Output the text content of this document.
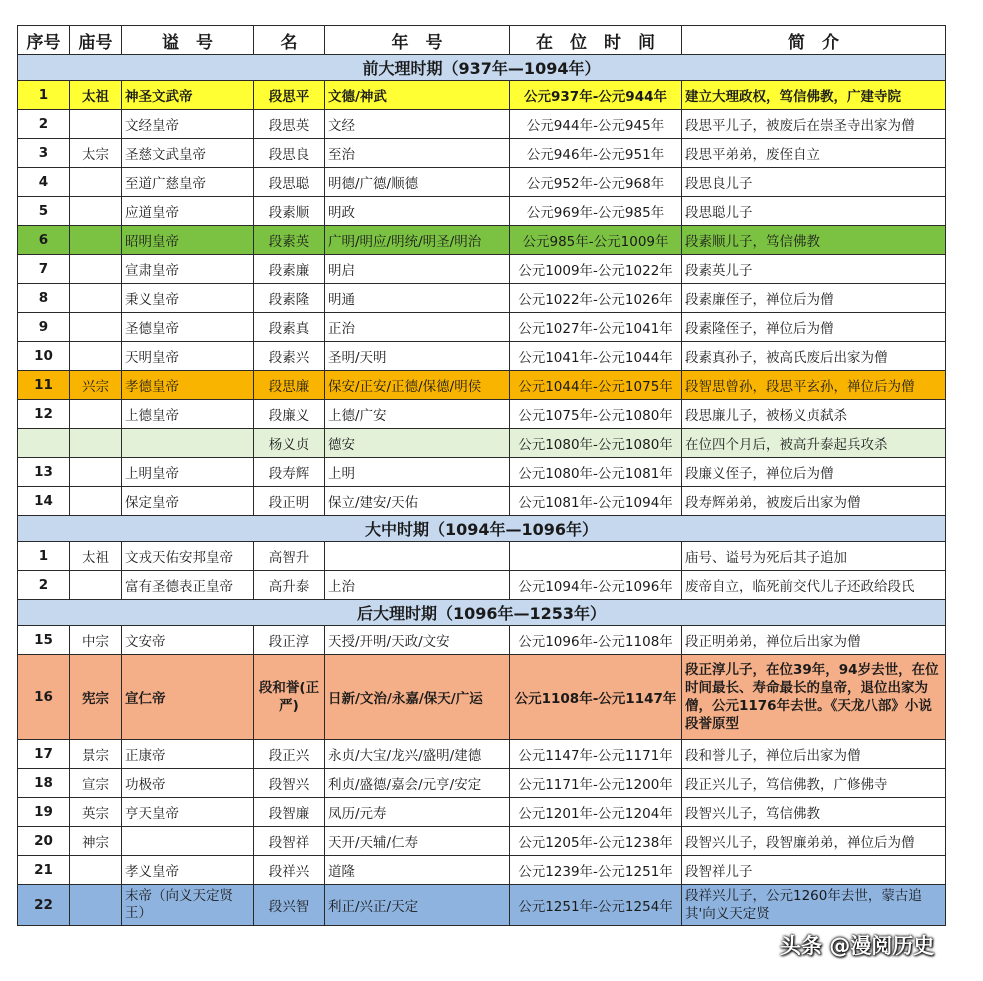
序号	庙号	谥　号	名	年　号	在　位　时　间	简　介
前大理时期（937年—1094年）						
1	太祖	神圣文武帝	段思平	文德/神武	公元937年-公元944年	建立大理政权，笃信佛教，广建寺院
2		文经皇帝	段思英	文经	公元944年-公元945年	段思平儿子，被废后在崇圣寺出家为僧
3	太宗	圣慈文武皇帝	段思良	至治	公元946年-公元951年	段思平弟弟，废侄自立
4		至道广慈皇帝	段思聪	明德/广德/顺德	公元952年-公元968年	段思良儿子
5		应道皇帝	段素顺	明政	公元969年-公元985年	段思聪儿子
6		昭明皇帝	段素英	广明/明应/明统/明圣/明治	公元985年-公元1009年	段素顺儿子，笃信佛教
7		宣肃皇帝	段素廉	明启	公元1009年-公元1022年	段素英儿子
8		秉义皇帝	段素隆	明通	公元1022年-公元1026年	段素廉侄子，禅位后为僧
9		圣德皇帝	段素真	正治	公元1027年-公元1041年	段素隆侄子，禅位后为僧
10		天明皇帝	段素兴	圣明/天明	公元1041年-公元1044年	段素真孙子，被高氏废后出家为僧
11	兴宗	孝德皇帝	段思廉	保安/正安/正德/保德/明侯	公元1044年-公元1075年	段智思曾孙，段思平玄孙，禅位后为僧
12		上德皇帝	段廉义	上德/广安	公元1075年-公元1080年	段思廉儿子，被杨义贞弑杀
			杨义贞	德安	公元1080年-公元1080年	在位四个月后，被高升泰起兵攻杀
13		上明皇帝	段寿辉	上明	公元1080年-公元1081年	段廉义侄子，禅位后为僧
14		保定皇帝	段正明	保立/建安/天佑	公元1081年-公元1094年	段寿辉弟弟，被废后出家为僧
大中时期（1094年—1096年）						
1	太祖	文戎天佑安邦皇帝	高智升			庙号、谥号为死后其子追加
2		富有圣德表正皇帝	高升泰	上治	公元1094年-公元1096年	废帝自立，临死前交代儿子还政给段氏
后大理时期（1096年—1253年）						
15	中宗	文安帝	段正淳	天授/开明/天政/文安	公元1096年-公元1108年	段正明弟弟，禅位后出家为僧
16	宪宗	宣仁帝	段和誉(正严)	日新/文治/永嘉/保天/广运	公元1108年-公元1147年	段正淳儿子，在位39年，94岁去世，在位时间最长、寿命最长的皇帝，退位出家为僧，公元1176年去世。《天龙八部》小说段誉原型
17	景宗	正康帝	段正兴	永贞/大宝/龙兴/盛明/建德	公元1147年-公元1171年	段和誉儿子，禅位后出家为僧
18	宣宗	功极帝	段智兴	利贞/盛德/嘉会/元亨/安定	公元1171年-公元1200年	段正兴儿子，笃信佛教，广修佛寺
19	英宗	亨天皇帝	段智廉	凤历/元寿	公元1201年-公元1204年	段智兴儿子，笃信佛教
20	神宗		段智祥	天开/天辅/仁寿	公元1205年-公元1238年	段智兴儿子，段智廉弟弟，禅位后为僧
21		孝义皇帝	段祥兴	道隆	公元1239年-公元1251年	段智祥儿子
22		末帝（向义天定贤王）	段兴智	利正/兴正/天定	公元1251年-公元1254年	段祥兴儿子，公元1260年去世，蒙古追其'向义天定贤
头条 @漫阅历史
